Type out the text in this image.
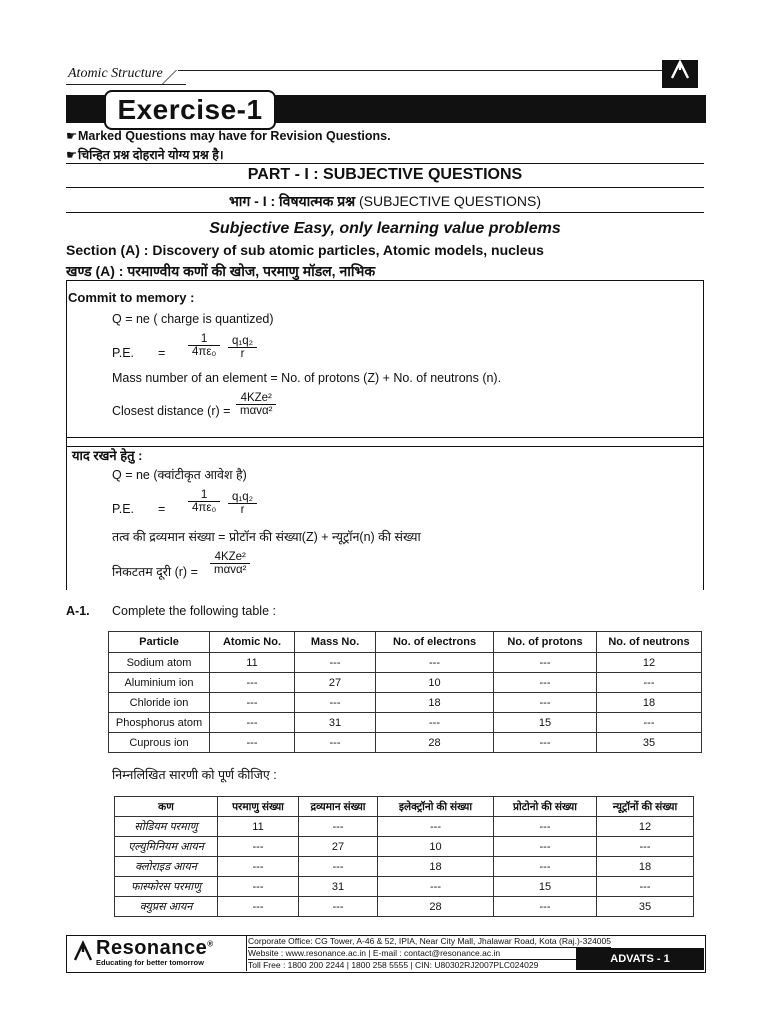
Atomic Structure
Exercise-1
☛Marked Questions may have for Revision Questions.
☛चिन्हित प्रश्न दोहराने योग्य प्रश्न है।
PART - I : SUBJECTIVE QUESTIONS
भाग - I : विषयात्मक प्रश्न (SUBJECTIVE QUESTIONS)
Subjective Easy, only learning value problems
Section (A) : Discovery of sub atomic particles, Atomic models, nucleus
खण्ड (A) : परमाण्वीय कणों की खोज, परमाणु मॉडल, नाभिक
Commit to memory :
Q = ne ( charge is quantized)
P.E. = $\frac{1}{\text{4πε₀}} \frac{\text{q₁q₂}}{r}$
Mass number of an element = No. of protons (Z) + No. of neutrons (n).
Closest distance (r) =
4KZe²
mαvα²
याद रखने हेतु :
Q = ne (क्वांटीकृत आवेश है)
P.E. = $\frac{1}{\text{4πε₀}} \frac{\text{q₁q₂}}{r}$
तत्व की द्रव्यमान संख्या = प्रोटॉन की संख्या(Z) + न्यूट्रॉन(n) की संख्या
निकटतम दूरी (r) =
4KZe²
mαvα²
A-1. Complete the following table :
Particle	Atomic No.	Mass No.	No. of electrons	No. of protons	No. of neutrons
Sodium atom	11	---	---	---	12
Aluminium ion	---	27	10	---	---
Chloride ion	---	---	18	---	18
Phosphorus atom	---	31	---	15	---
Cuprous ion	---	---	28	---	35
निम्नलिखित सारणी को पूर्ण कीजिए :
कण	परमाणु संख्या	द्रव्यमान संख्या	इलेक्ट्रॉनो की संख्या	प्रोटोनो की संख्या	न्यूट्रॉनों की संख्या
सोडियम परमाणु	11	---	---	---	12
एल्युमिनियम आयन	---	27	10	---	---
क्लोराइड आयन	---	---	18	---	18
फास्फोरस परमाणु	---	31	---	15	---
क्युप्रस आयन	---	---	28	---	35
Resonance®
Educating for better tomorrow
Corporate Office: CG Tower, A-46 & 52, IPIA, Near City Mall, Jhalawar Road, Kota (Raj.)-324005
Website : www.resonance.ac.in | E-mail : contact@resonance.ac.in
Toll Free : 1800 200 2244 | 1800 258 5555 | CIN: U80302RJ2007PLC024029	ADVATS - 1
